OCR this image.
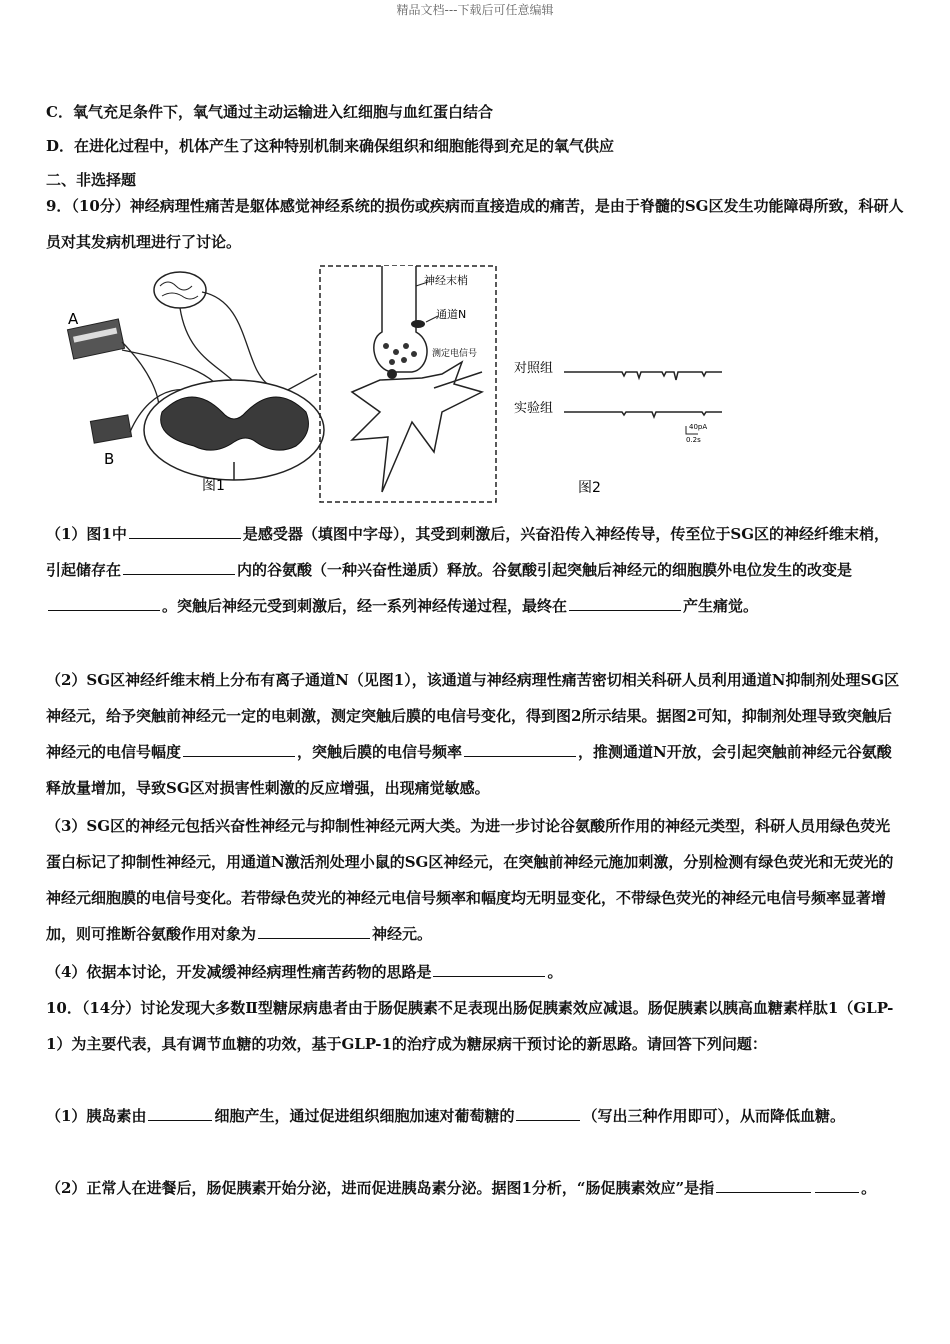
精品文档---下载后可任意编辑

C．氧气充足条件下，氧气通过主动运输进入红细胞与血红蛋白结合

D．在进化过程中，机体产生了这种特别机制来确保组织和细胞能得到充足的氧气供应

二、非选择题

9．（10分）神经病理性痛苦是躯体感觉神经系统的损伤或疾病而直接造成的痛苦，是由于脊髓的SG区发生功能障碍所致，科研人员对其发病机理进行了讨论。

A
B
图1
神经末梢
通道N
测定电信号
对照组
实验组
40pA
0.2s
图2

（1）图1中	是感受器（填图中字母），其受到刺激后，兴奋沿传入神经传导，传至位于SG区的神经纤维末梢，引起储存在	内的谷氨酸（一种兴奋性递质）释放。谷氨酸引起突触后神经元的细胞膜外电位发生的改变是。突触后神经元受到刺激后，经一系列神经传递过程，最终在	产生痛觉。

（2）SG区神经纤维末梢上分布有离子通道N（见图1），该通道与神经病理性痛苦密切相关科研人员利用通道N抑制剂处理SG区神经元，给予突触前神经元一定的电刺激，测定突触后膜的电信号变化，得到图2所示结果。据图2可知，抑制剂处理导致突触后神经元的电信号幅度	，突触后膜的电信号频率	，推测通道N开放，会引起突触前神经元谷氨酸释放量增加，导致SG区对损害性刺激的反应增强，出现痛觉敏感。

（3）SG区的神经元包括兴奋性神经元与抑制性神经元两大类。为进一步讨论谷氨酸所作用的神经元类型，科研人员用绿色荧光蛋白标记了抑制性神经元，用通道N激活剂处理小鼠的SG区神经元，在突触前神经元施加刺激，分别检测有绿色荧光和无荧光的神经元细胞膜的电信号变化。若带绿色荧光的神经元电信号频率和幅度均无明显变化，不带绿色荧光的神经元电信号频率显著增加，则可推断谷氨酸作用对象为	神经元。

（4）依据本讨论，开发减缓神经病理性痛苦药物的思路是	。

10．（14分）讨论发现大多数Ⅱ型糖尿病患者由于肠促胰素不足表现出肠促胰素效应减退。肠促胰素以胰高血糖素样肽1（GLP-1）为主要代表，具有调节血糖的功效，基于GLP-1的治疗成为糖尿病干预讨论的新思路。请回答下列问题：

（1）胰岛素由	细胞产生，通过促进组织细胞加速对葡萄糖的	（写出三种作用即可），从而降低血糖。

（2）正常人在进餐后，肠促胰素开始分泌，进而促进胰岛素分泌。据图1分析，“肠促胰素效应”是指	。
